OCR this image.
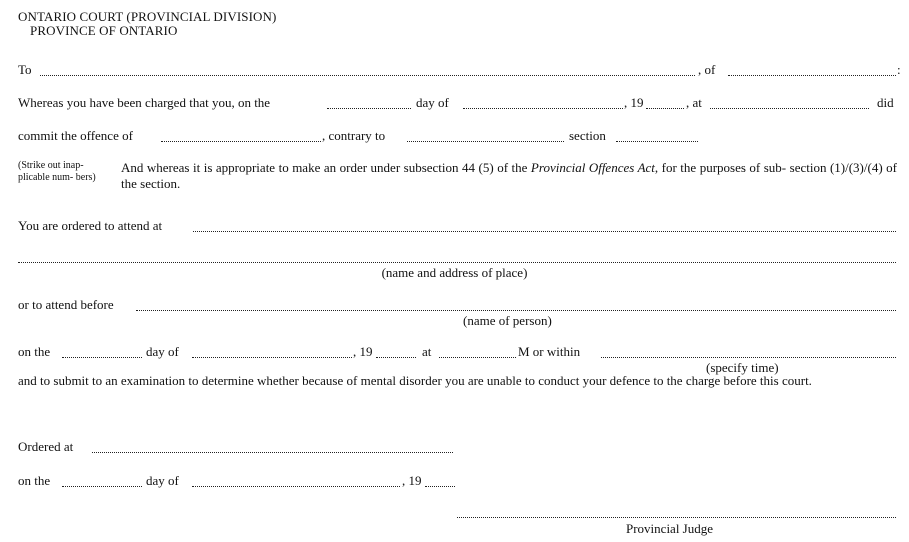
ONTARIO COURT (PROVINCIAL DIVISION)
PROVINCE OF ONTARIO
To	, of	:
Whereas you have been charged that you, on the	day of	, 19	, at	did
commit the offence of	, contrary to	section
(Strike out inap- plicable num- bers)
And whereas it is appropriate to make an order under subsection 44 (5) of the Provincial Offences Act, for the purposes of sub- section (1)/(3)/(4) of the section.
You are ordered to attend at
(name and address of place)
or to attend before
(name of person)
on the	day of	, 19	at	M or within
(specify time)
and to submit to an examination to determine whether because of mental disorder you are unable to conduct your defence to the charge before this court.
Ordered at
on the	day of	, 19
Provincial Judge
